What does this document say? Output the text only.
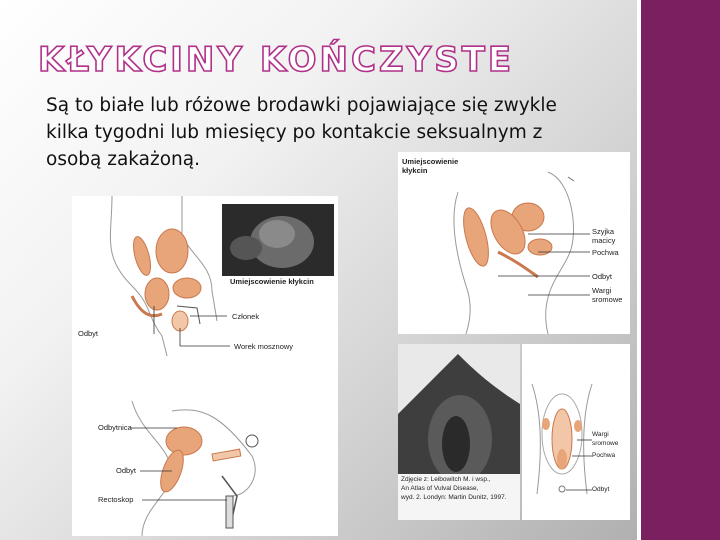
KŁYKCINY KOŃCZYSTE

Są to białe lub różowe brodawki pojawiające się zwykle kilka tygodni lub miesięcy po kontakcie seksualnym z osobą zakażoną.

Umiejscowienie kłykcin
Odbyt
Członek
Worek mosznowy
Odbytnica
Odbyt
Rectoskop
Umiejscowienie
kłykcin
Szyjka
macicy
Pochwa
Odbyt
Wargi
sromowe
Zdjęcie z: Leibowitch M. i wsp.,
An Atlas of Vulval Disease,
wyd. 2. Londyn: Martin Dunitz, 1997.
Wargi
sromowe
Pochwa
Odbyt
